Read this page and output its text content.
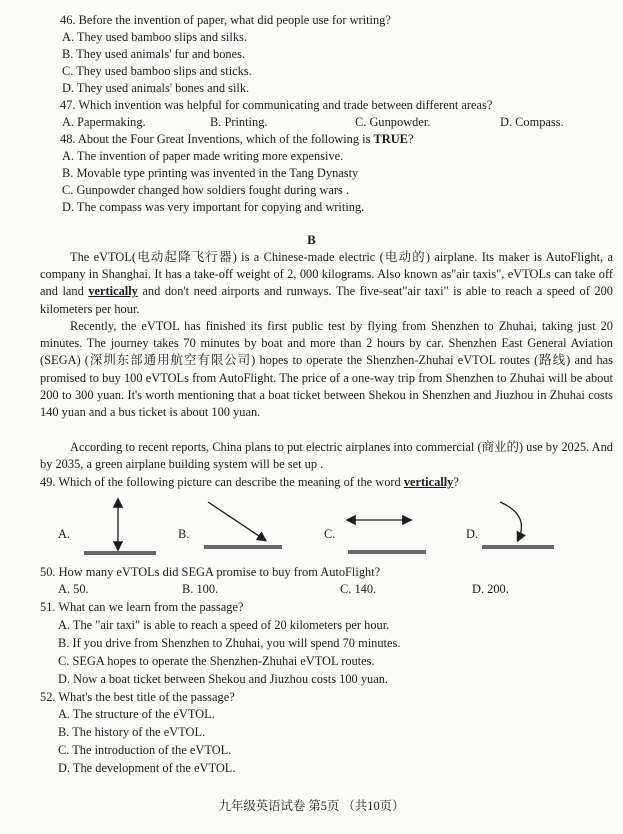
46. Before the invention of paper, what did people use for writing?
A. They used bamboo slips and silks.
B. They used animals' fur and bones.
C. They used bamboo slips and sticks.
D. They used animals' bones and silk.
47. Which invention was helpful for communicating and trade between different areas?
A. Papermaking.	B. Printing.	C. Gunpowder.	D. Compass.
48. About the Four Great Inventions, which of the following is TRUE?
A. The invention of paper made writing more expensive.
B. Movable type printing was invented in the Tang Dynasty
C. Gunpowder changed how soldiers fought during wars .
D. The compass was very important for copying and writing.
B
The eVTOL(电动起降飞行器) is a Chinese-made electric (电动的) airplane. Its maker is AutoFlight, a company in Shanghai. It has a take-off weight of 2, 000 kilograms. Also known as"air taxis", eVTOLs can take off and land vertically and don't need airports and runways. The five-seat"air taxi" is able to reach a speed of 200 kilometers per hour.
Recently, the eVTOL has finished its first public test by flying from Shenzhen to Zhuhai, taking just 20 minutes. The journey takes 70 minutes by boat and more than 2 hours by car. Shenzhen East General Aviation (SEGA) (深圳东部通用航空有限公司) hopes to operate the Shenzhen-Zhuhai eVTOL routes (路线) and has promised to buy 100 eVTOLs from AutoFlight. The price of a one-way trip from Shenzhen to Zhuhai will be about 200 to 300 yuan. It's worth mentioning that a boat ticket between Shekou in Shenzhen and Jiuzhou in Zhuhai costs 140 yuan and a bus ticket is about 100 yuan.
According to recent reports, China plans to put electric airplanes into commercial (商业的) use by 2025. And by 2035, a green airplane building system will be set up .
49. Which of the following picture can describe the meaning of the word vertically?
A.	B.	C.	D.
50. How many eVTOLs did SEGA promise to buy from AutoFlight?
A. 50.	B. 100.	C. 140.	D. 200.
51. What can we learn from the passage?
A. The "air taxi" is able to reach a speed of 20 kilometers per hour.
B. If you drive from Shenzhen to Zhuhai, you will spend 70 minutes.
C. SEGA hopes to operate the Shenzhen-Zhuhai eVTOL routes.
D. Now a boat ticket between Shekou and Jiuzhou costs 100 yuan.
52. What's the best title of the passage?
A. The structure of the eVTOL.
B. The history of the eVTOL.
C. The introduction of the eVTOL.
D. The development of the eVTOL.
九年级英语试卷 第5页 （共10页）
